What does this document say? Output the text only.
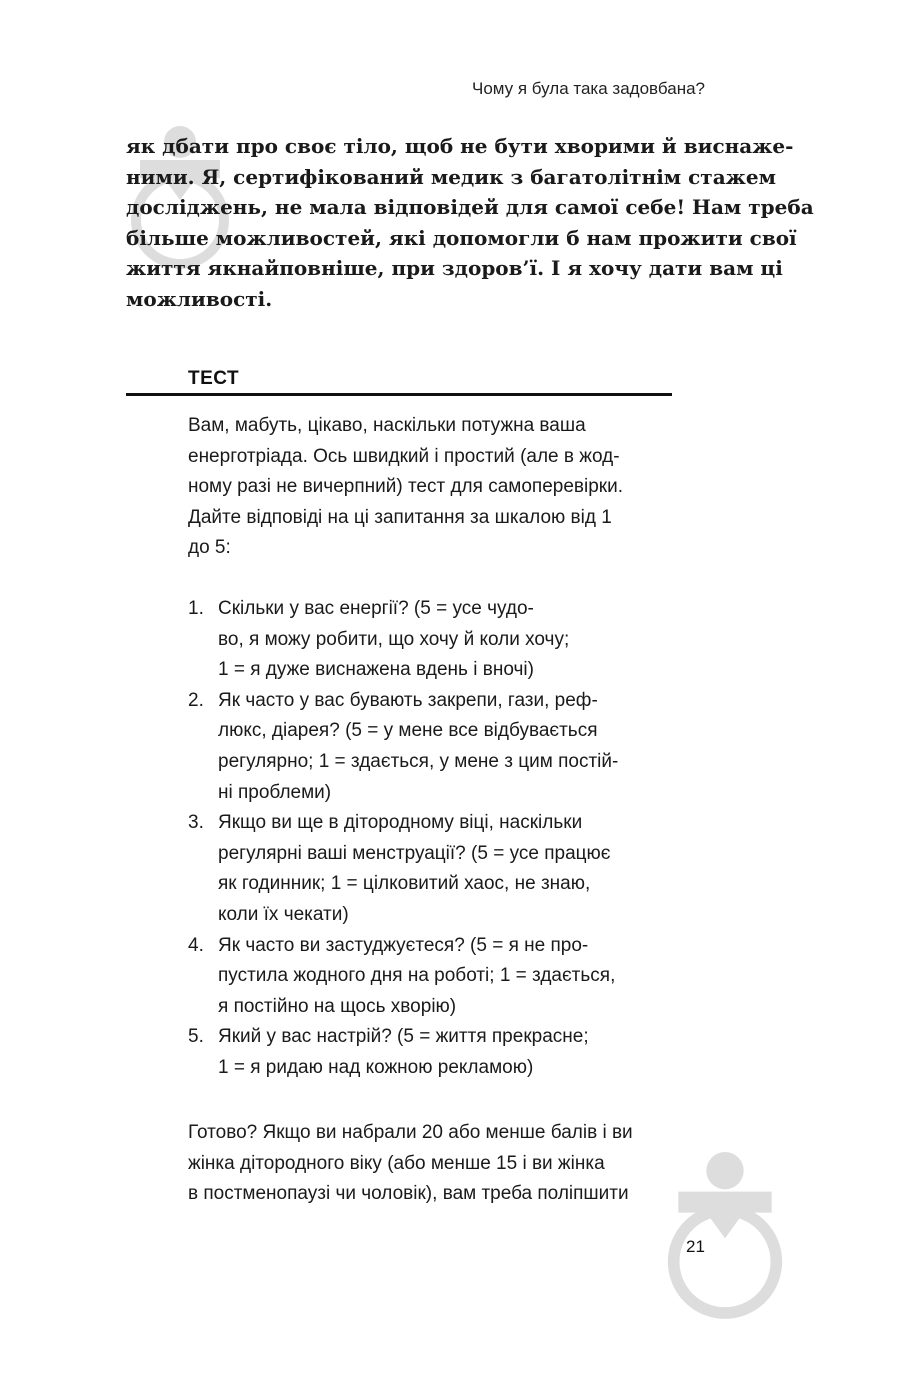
Чому я була така задовбана?

як дбати про своє тіло, щоб не бути хворими й виснаже-
ними. Я, сертифікований медик з багатолітнім стажем
досліджень, не мала відповідей для самої себе! Нам треба
більше можливостей, які допомогли б нам прожити свої
життя якнайповніше, при здоров’ї. І я хочу дати вам ці
можливості.

ТЕСТ

Вам, мабуть, цікаво, наскільки потужна ваша
енерготріада. Ось швидкий і простий (але в жод-
ному разі не вичерпний) тест для самоперевірки.
Дайте відповіді на ці запитання за шкалою від 1
до 5:

1. Скільки у вас енергії? (5 = усе чудо-
во, я можу робити, що хочу й коли хочу;
1 = я дуже виснажена вдень і вночі)
2. Як часто у вас бувають закрепи, гази, реф-
люкс, діарея? (5 = у мене все відбувається
регулярно; 1 = здається, у мене з цим постій-
ні проблеми)
3. Якщо ви ще в дітородному віці, наскільки
регулярні ваші менструації? (5 = усе працює
як годинник; 1 = цілковитий хаос, не знаю,
коли їх чекати)
4. Як часто ви застуджуєтеся? (5 = я не про-
пустила жодного дня на роботі; 1 = здається,
я постійно на щось хворію)
5. Який у вас настрій? (5 = життя прекрасне;
1 = я ридаю над кожною рекламою)

Готово? Якщо ви набрали 20 або менше балів і ви
жінка дітородного віку (або менше 15 і ви жінка
в постменопаузі чи чоловік), вам треба поліпшити

21
